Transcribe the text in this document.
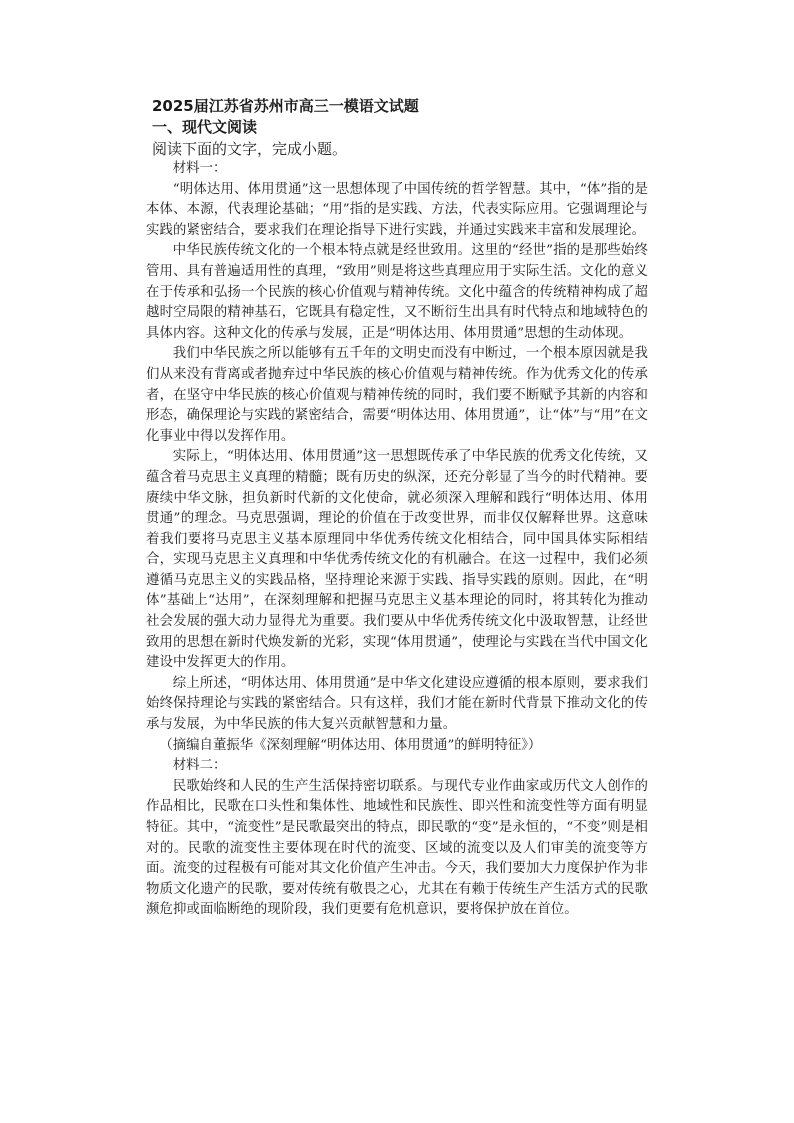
2025届江苏省苏州市高三一模语文试题
一、现代文阅读

阅读下面的文字，完成小题。

材料一：

“明体达用、体用贯通”这一思想体现了中国传统的哲学智慧。其中，“体”指的是本体、本源，代表理论基础；“用”指的是实践、方法，代表实际应用。它强调理论与实践的紧密结合，要求我们在理论指导下进行实践，并通过实践来丰富和发展理论。

中华民族传统文化的一个根本特点就是经世致用。这里的“经世”指的是那些始终管用、具有普遍适用性的真理，“致用”则是将这些真理应用于实际生活。文化的意义在于传承和弘扬一个民族的核心价值观与精神传统。文化中蕴含的传统精神构成了超越时空局限的精神基石，它既具有稳定性，又不断衍生出具有时代特点和地域特色的具体内容。这种文化的传承与发展，正是“明体达用、体用贯通”思想的生动体现。

我们中华民族之所以能够有五千年的文明史而没有中断过，一个根本原因就是我们从来没有背离或者抛弃过中华民族的核心价值观与精神传统。作为优秀文化的传承者，在坚守中华民族的核心价值观与精神传统的同时，我们要不断赋予其新的内容和形态，确保理论与实践的紧密结合，需要“明体达用、体用贯通”，让“体”与“用”在文化事业中得以发挥作用。

实际上，“明体达用、体用贯通”这一思想既传承了中华民族的优秀文化传统，又蕴含着马克思主义真理的精髓；既有历史的纵深，还充分彰显了当今的时代精神。要赓续中华文脉，担负新时代新的文化使命，就必须深入理解和践行“明体达用、体用贯通”的理念。马克思强调，理论的价值在于改变世界，而非仅仅解释世界。这意味着我们要将马克思主义基本原理同中华优秀传统文化相结合，同中国具体实际相结合，实现马克思主义真理和中华优秀传统文化的有机融合。在这一过程中，我们必须遵循马克思主义的实践品格，坚持理论来源于实践、指导实践的原则。因此，在“明体”基础上“达用”，在深刻理解和把握马克思主义基本理论的同时，将其转化为推动社会发展的强大动力显得尤为重要。我们要从中华优秀传统文化中汲取智慧，让经世致用的思想在新时代焕发新的光彩，实现“体用贯通”，使理论与实践在当代中国文化建设中发挥更大的作用。

综上所述，“明体达用、体用贯通”是中华文化建设应遵循的根本原则，要求我们始终保持理论与实践的紧密结合。只有这样，我们才能在新时代背景下推动文化的传承与发展，为中华民族的伟大复兴贡献智慧和力量。

（摘编自董振华《深刻理解“明体达用、体用贯通”的鲜明特征》）

材料二：

民歌始终和人民的生产生活保持密切联系。与现代专业作曲家或历代文人创作的作品相比，民歌在口头性和集体性、地域性和民族性、即兴性和流变性等方面有明显特征。其中，“流变性”是民歌最突出的特点，即民歌的“变”是永恒的，“不变”则是相对的。民歌的流变性主要体现在时代的流变、区域的流变以及人们审美的流变等方面。流变的过程极有可能对其文化价值产生冲击。今天，我们要加大力度保护作为非物质文化遗产的民歌，要对传统有敬畏之心，尤其在有赖于传统生产生活方式的民歌濒危抑或面临断绝的现阶段，我们更要有危机意识，要将保护放在首位。
